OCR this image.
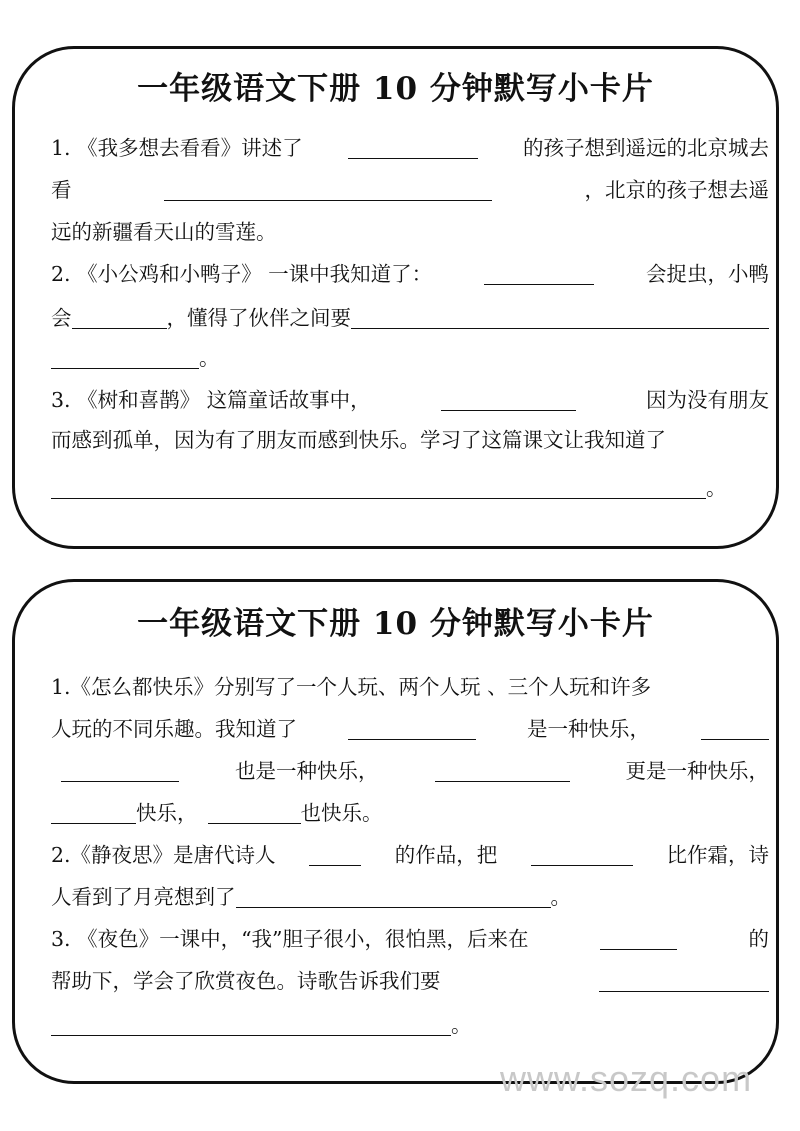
一年级语文下册 10 分钟默写小卡片
1. 《我多想去看看》讲述了	的孩子想到遥远的北京城去
看	，北京的孩子想去遥
远的新疆看天山的雪莲。
2. 《小公鸡和小鸭子》 一课中我知道了：	会捉虫，小鸭
会	，懂得了伙伴之间要
。
3. 《树和喜鹊》 这篇童话故事中，	因为没有朋友
而感到孤单，因为有了朋友而感到快乐。学习了这篇课文让我知道了
。
一年级语文下册 10 分钟默写小卡片
1.《怎么都快乐》分别写了一个人玩、两个人玩 、三个人玩和许多
人玩的不同乐趣。我知道了	是一种快乐，
也是一种快乐，	更是一种快乐，
快乐，	也快乐。
2.《静夜思》是唐代诗人	的作品，把	比作霜，诗
人看到了月亮想到了	。
3. 《夜色》一课中，“我”胆子很小，很怕黑，后来在	的
帮助下，学会了欣赏夜色。诗歌告诉我们要
。
www.sozq.com
